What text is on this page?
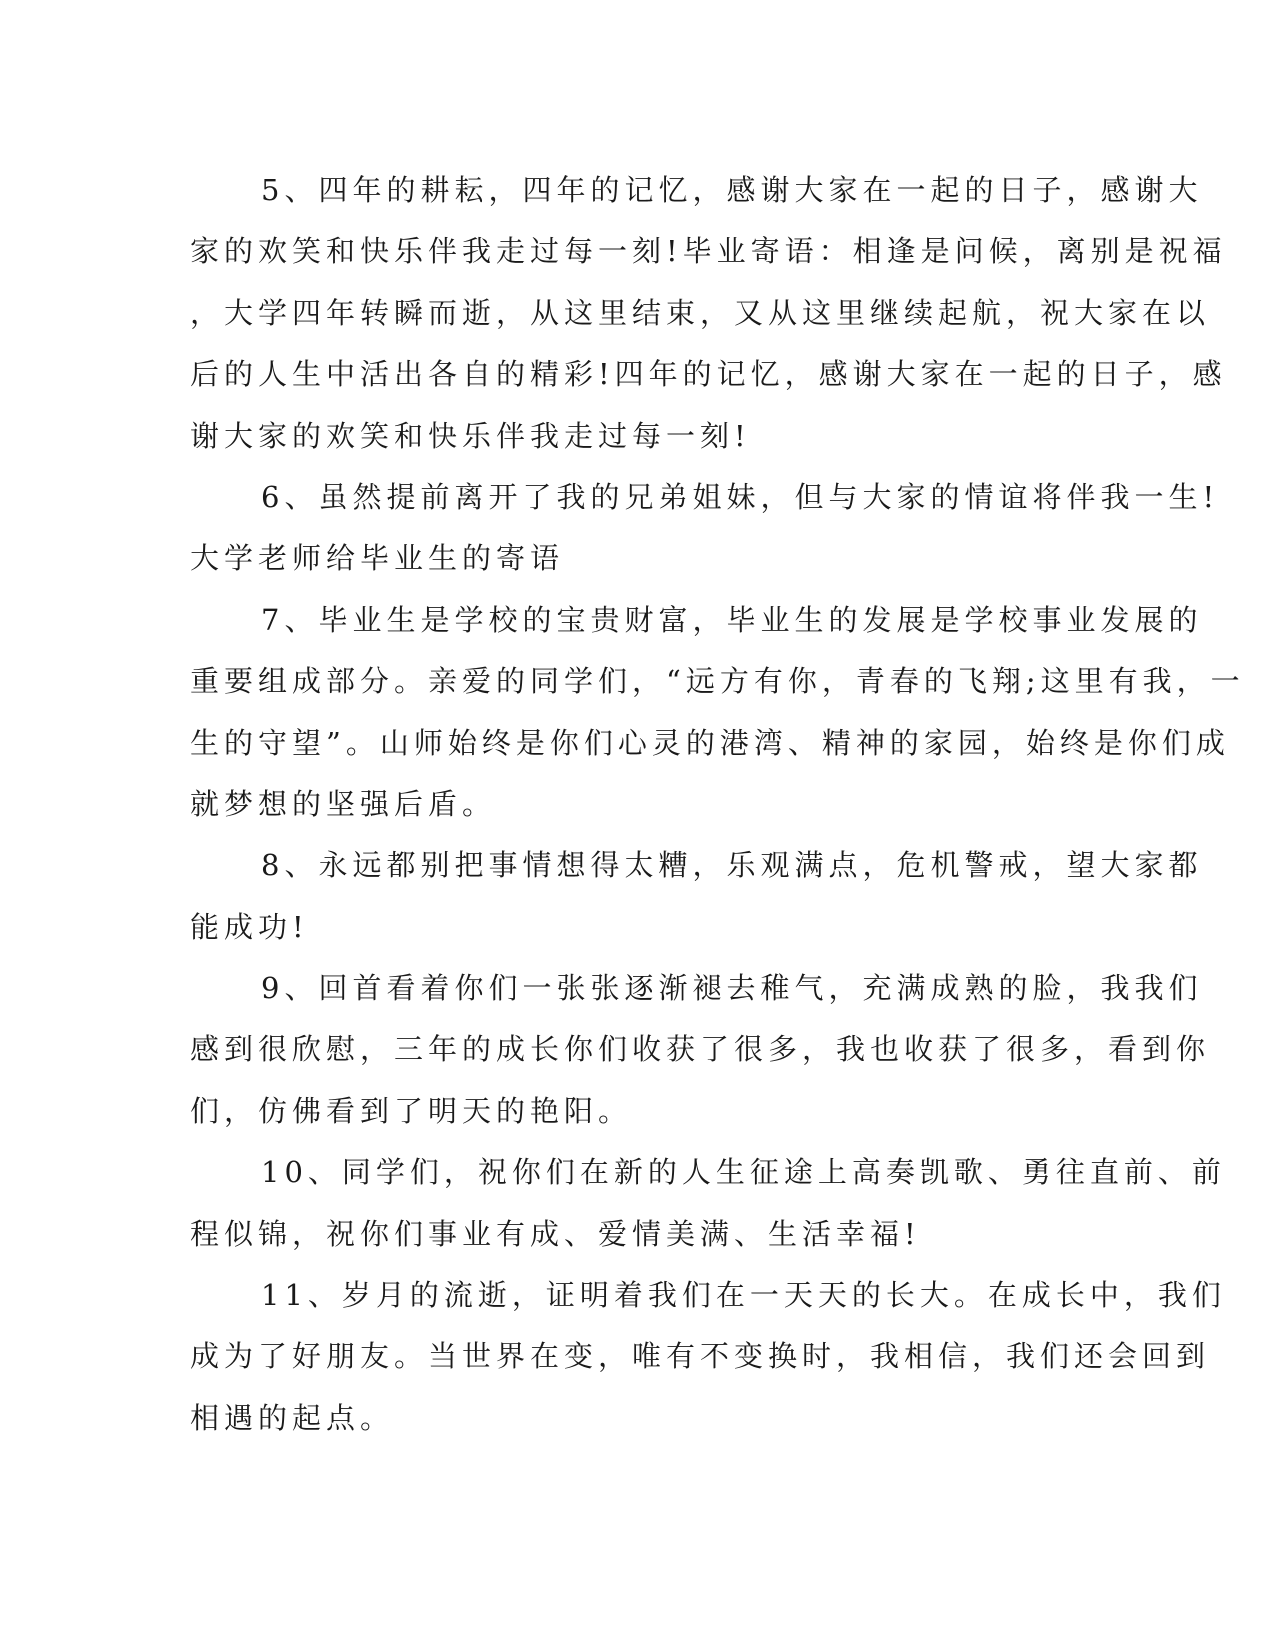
5、四年的耕耘，四年的记忆，感谢大家在一起的日子，感谢大
家的欢笑和快乐伴我走过每一刻!毕业寄语：相逢是问候，离别是祝福
，大学四年转瞬而逝，从这里结束，又从这里继续起航，祝大家在以
后的人生中活出各自的精彩!四年的记忆，感谢大家在一起的日子，感
谢大家的欢笑和快乐伴我走过每一刻!
6、虽然提前离开了我的兄弟姐妹，但与大家的情谊将伴我一生!
大学老师给毕业生的寄语
7、毕业生是学校的宝贵财富，毕业生的发展是学校事业发展的
重要组成部分。亲爱的同学们，“远方有你，青春的飞翔;这里有我，一
生的守望”。山师始终是你们心灵的港湾、精神的家园，始终是你们成
就梦想的坚强后盾。
8、永远都别把事情想得太糟，乐观满点，危机警戒，望大家都
能成功!
9、回首看着你们一张张逐渐褪去稚气，充满成熟的脸，我我们
感到很欣慰，三年的成长你们收获了很多，我也收获了很多，看到你
们，仿佛看到了明天的艳阳。
10、同学们，祝你们在新的人生征途上高奏凯歌、勇往直前、前
程似锦，祝你们事业有成、爱情美满、生活幸福!
11、岁月的流逝，证明着我们在一天天的长大。在成长中，我们
成为了好朋友。当世界在变，唯有不变换时，我相信，我们还会回到
相遇的起点。
